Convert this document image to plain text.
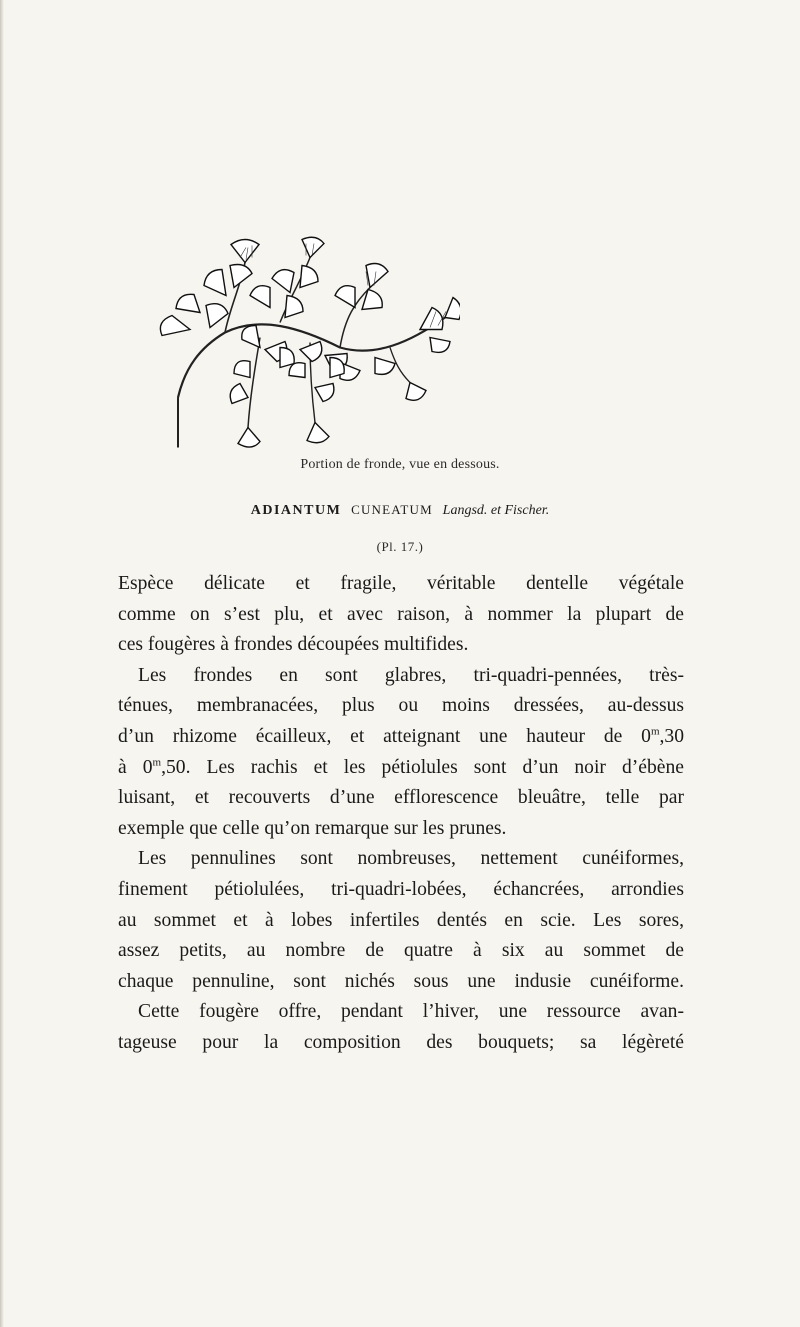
Portion de fronde, vue en dessous.
ADIANTUM CUNEATUM Langsd. et Fischer.
(Pl. 17.)
Espèce délicate et fragile, véritable dentelle végétale
comme on s’est plu, et avec raison, à nommer la plupart de
ces fougères à frondes découpées multifides.
Les frondes en sont glabres, tri-quadri-pennées, très-
ténues, membranacées, plus ou moins dressées, au-dessus
d’un rhizome écailleux, et atteignant une hauteur de 0$^m$,30
à 0$^m$,50. Les rachis et les pétiolules sont d’un noir d’ébène
luisant, et recouverts d’une efflorescence bleuâtre, telle par
exemple que celle qu’on remarque sur les prunes.
Les pennulines sont nombreuses, nettement cunéiformes,
finement pétiolulées, tri-quadri-lobées, échancrées, arrondies
au sommet et à lobes infertiles dentés en scie. Les sores,
assez petits, au nombre de quatre à six au sommet de
chaque pennuline, sont nichés sous une indusie cunéiforme.
Cette fougère offre, pendant l’hiver, une ressource avan-
tageuse pour la composition des bouquets; sa légèreté
